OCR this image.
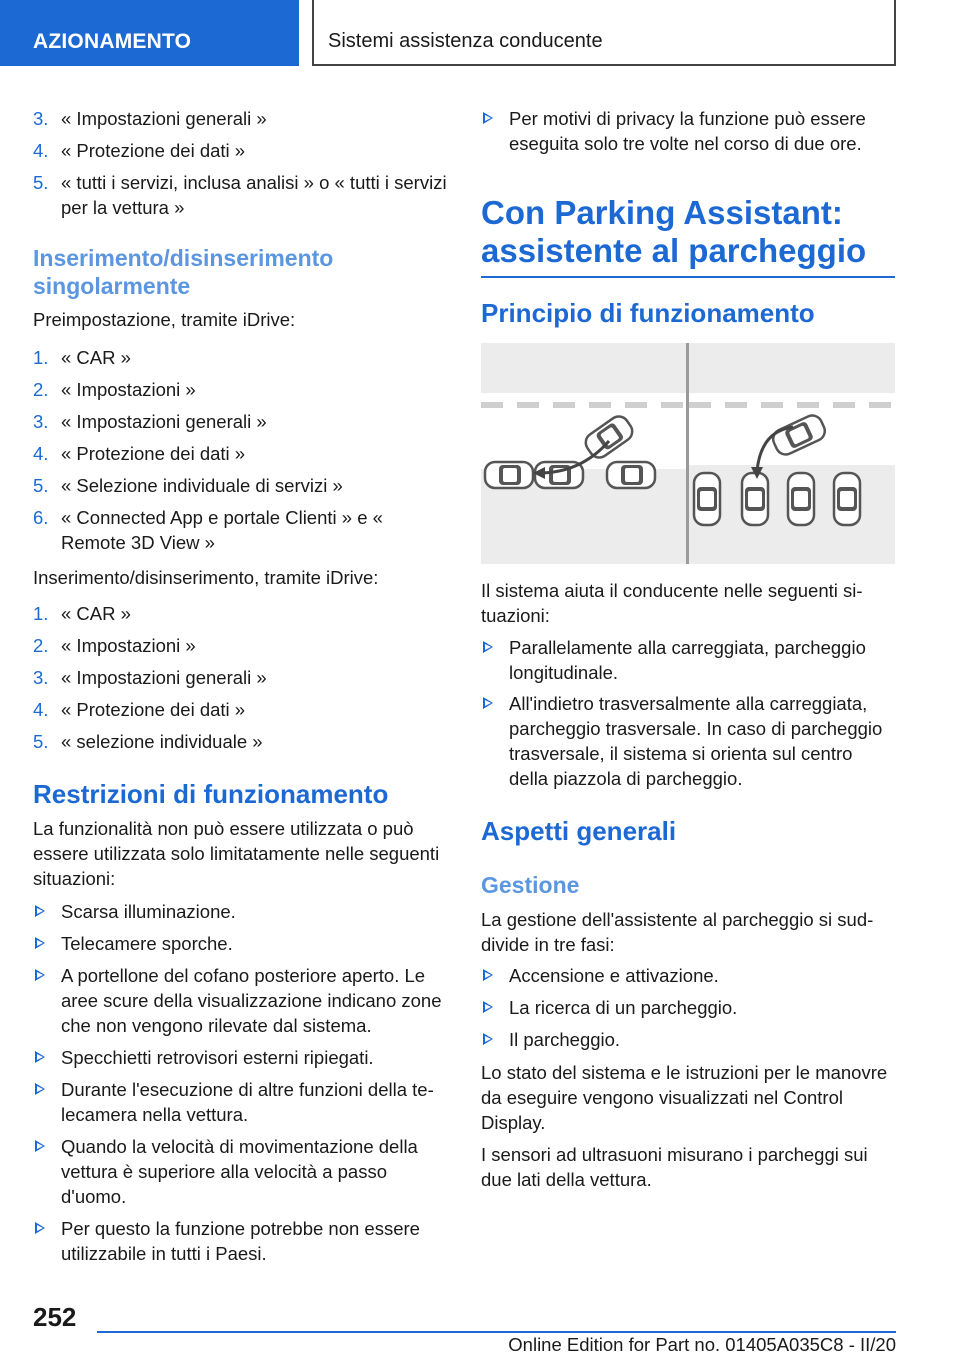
AZIONAMENTO	Sistemi assistenza conducente
3. « Impostazioni generali »
4. « Protezione dei dati »
5. « tutti i servizi, inclusa analisi » o « tutti i servizi per la vettura »
Inserimento/disinserimento singolarmente
Preimpostazione, tramite iDrive:
1. « CAR »
2. « Impostazioni »
3. « Impostazioni generali »
4. « Protezione dei dati »
5. « Selezione individuale di servizi »
6. « Connected App e portale Clienti » e « Remote 3D View »
Inserimento/disinserimento, tramite iDrive:
1. « CAR »
2. « Impostazioni »
3. « Impostazioni generali »
4. « Protezione dei dati »
5. « selezione individuale »
Restrizioni di funzionamento
La funzionalità non può essere utilizzata o può essere utilizzata solo limitatamente nelle seguenti situazioni:
Scarsa illuminazione.
Telecamere sporche.
A portellone del cofano posteriore aperto. Le aree scure della visualizzazione indicano zone che non vengono rilevate dal sistema.
Specchietti retrovisori esterni ripiegati.
Durante l'esecuzione di altre funzioni della telecamera nella vettura.
Quando la velocità di movimentazione della vettura è superiore alla velocità a passo d'uomo.
Per questo la funzione potrebbe non essere utilizzabile in tutti i Paesi.
Per motivi di privacy la funzione può essere eseguita solo tre volte nel corso di due ore.
Con Parking Assistant: assistente al parcheggio
Principio di funzionamento
Il sistema aiuta il conducente nelle seguenti situazioni:
Parallelamente alla carreggiata, parcheggio longitudinale.
All'indietro trasversalmente alla carreggiata, parcheggio trasversale. In caso di parcheggio trasversale, il sistema si orienta sul centro della piazzola di parcheggio.
Aspetti generali
Gestione
La gestione dell'assistente al parcheggio si suddivide in tre fasi:
Accensione e attivazione.
La ricerca di un parcheggio.
Il parcheggio.
Lo stato del sistema e le istruzioni per le manovre da eseguire vengono visualizzati nel Control Display.
I sensori ad ultrasuoni misurano i parcheggi sui due lati della vettura.
252
Online Edition for Part no. 01405A035C8 - II/20
